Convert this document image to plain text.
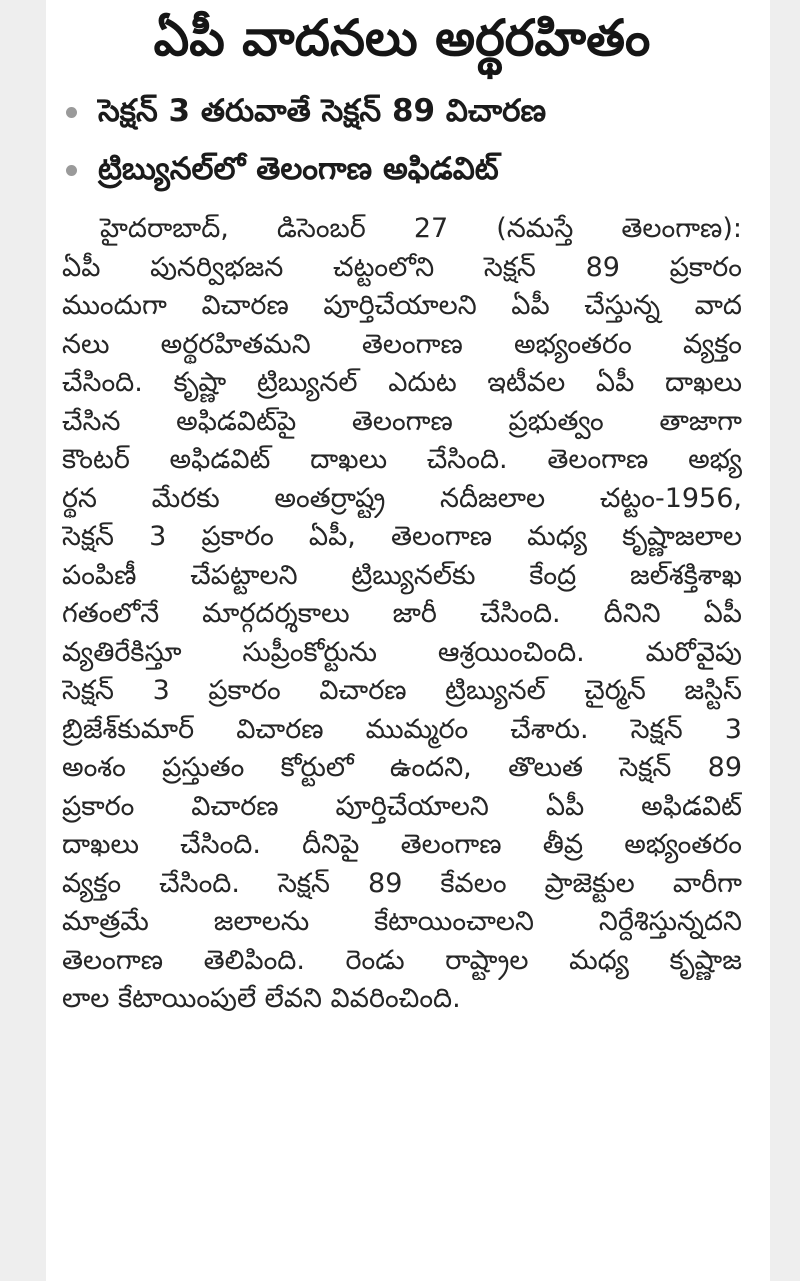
ఏపీ వాదనలు అర్థరహితం
సెక్షన్ 3 తరువాతే సెక్షన్ 89 విచారణ
ట్రిబ్యునల్‌లో తెలంగాణ అఫిడవిట్
హైదరాబాద్, డిసెంబర్ 27 (నమస్తే తెలంగాణ):
ఏపీ పునర్విభజన చట్టంలోని సెక్షన్ 89 ప్రకారం
ముందుగా విచారణ పూర్తిచేయాలని ఏపీ చేస్తున్న వాద
నలు అర్థరహితమని తెలంగాణ అభ్యంతరం వ్యక్తం
చేసింది. కృష్ణా ట్రిబ్యునల్ ఎదుట ఇటీవల ఏపీ దాఖలు
చేసిన అఫిడవిట్‌పై తెలంగాణ ప్రభుత్వం తాజాగా
కౌంటర్ అఫిడవిట్ దాఖలు చేసింది. తెలంగాణ అభ్య
ర్థన మేరకు అంతర్రాష్ట్ర నదీజలాల చట్టం-1956,
సెక్షన్ 3 ప్రకారం ఏపీ, తెలంగాణ మధ్య కృష్ణాజలాల
పంపిణీ చేపట్టాలని ట్రిబ్యునల్‌కు కేంద్ర జల్‌శక్తిశాఖ
గతంలోనే మార్గదర్శకాలు జారీ చేసింది. దీనిని ఏపీ
వ్యతిరేకిస్తూ సుప్రీంకోర్టును ఆశ్రయించింది. మరోవైపు
సెక్షన్ 3 ప్రకారం విచారణ ట్రిబ్యునల్ చైర్మన్ జస్టిస్
బ్రిజేశ్‌కుమార్ విచారణ ముమ్మరం చేశారు. సెక్షన్ 3
అంశం ప్రస్తుతం కోర్టులో ఉందని, తొలుత సెక్షన్ 89
ప్రకారం విచారణ పూర్తిచేయాలని ఏపీ అఫిడవిట్
దాఖలు చేసింది. దీనిపై తెలంగాణ తీవ్ర అభ్యంతరం
వ్యక్తం చేసింది. సెక్షన్ 89 కేవలం ప్రాజెక్టుల వారీగా
మాత్రమే జలాలను కేటాయించాలని నిర్దేశిస్తున్నదని
తెలంగాణ తెలిపింది. రెండు రాష్ట్రాల మధ్య కృష్ణాజ
లాల కేటాయింపులే లేవని వివరించింది.
